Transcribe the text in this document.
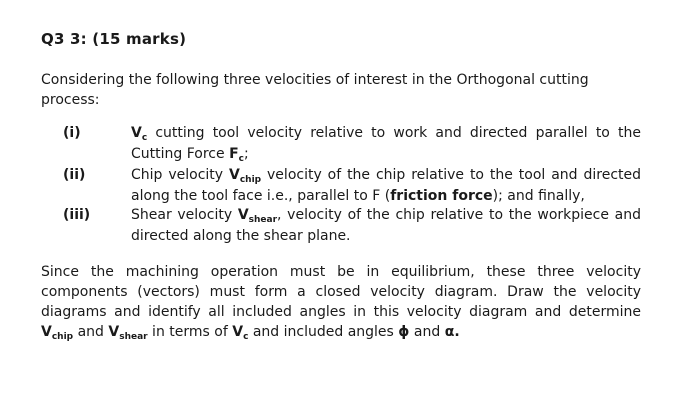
Q3 3: (15 marks)

Considering the following three velocities of interest in the Orthogonal cutting process:

(i)	$V_c$ cutting tool velocity relative to work and directed parallel to the Cutting Force $F_c$;
(ii)	Chip velocity $V_{chip}$ velocity of the chip relative to the tool and directed along the tool face i.e., parallel to F (friction force); and finally,
(iii)	Shear velocity $V_{shear}$, velocity of the chip relative to the workpiece and directed along the shear plane.

Since the machining operation must be in equilibrium, these three velocity components (vectors) must form a closed velocity diagram. Draw the velocity diagrams and identify all included angles in this velocity diagram and determine $V_{chip}$ and $V_{shear}$ in terms of $V_c$ and included angles ϕ and α.
